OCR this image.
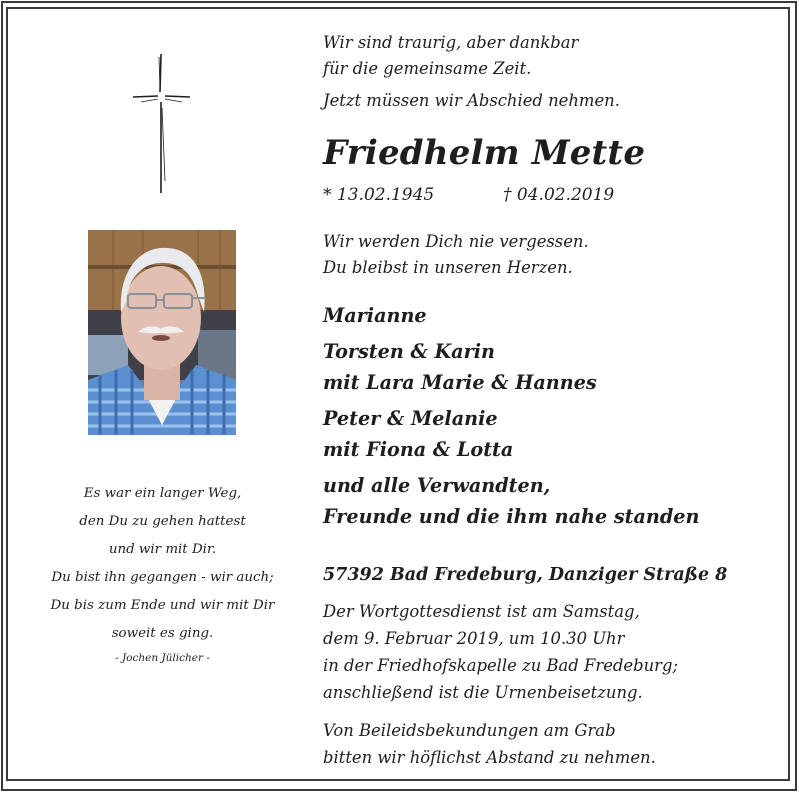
Es war ein langer Weg,
den Du zu gehen hattest
und wir mit Dir.
Du bist ihn gegangen - wir auch;
Du bis zum Ende und wir mit Dir
soweit es ging.
- Jochen Jülicher -
Wir sind traurig, aber dankbar
für die gemeinsame Zeit.
Jetzt müssen wir Abschied nehmen.
Friedhelm Mette
* 13.02.1945	† 04.02.2019
Wir werden Dich nie vergessen.
Du bleibst in unseren Herzen.
Marianne
Torsten & Karin
mit Lara Marie & Hannes
Peter & Melanie
mit Fiona & Lotta
und alle Verwandten,
Freunde und die ihm nahe standen
57392 Bad Fredeburg, Danziger Straße 8
Der Wortgottesdienst ist am Samstag,
dem 9. Februar 2019, um 10.30 Uhr
in der Friedhofskapelle zu Bad Fredeburg;
anschließend ist die Urnenbeisetzung.
Von Beileidsbekundungen am Grab
bitten wir höflichst Abstand zu nehmen.
